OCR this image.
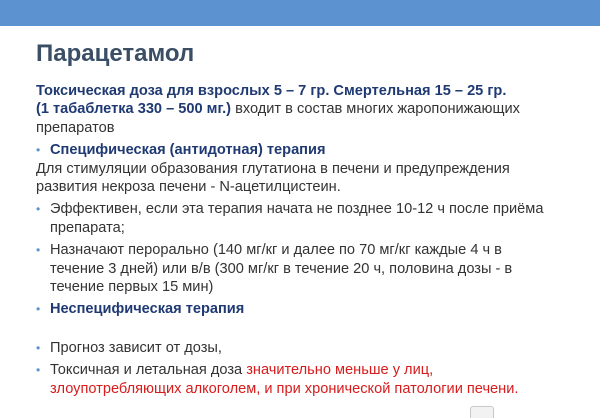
Парацетамол
Токсическая доза для взрослых 5 – 7 гр. Смертельная 15 – 25 гр.
(1 табаблетка 330 – 500 мг.) входит в состав многих жаропонижающих
препаратов
• Специфическая (антидотная) терапия
Для стимуляции образования глутатиона в печени и предупреждения
развития некроза печени - N-ацетилцистеин.
• Эффективен, если эта терапия начата не позднее 10-12 ч после приёма
препарата;
• Назначают перорально (140 мг/кг и далее по 70 мг/кг каждые 4 ч в
течение 3 дней) или в/в (300 мг/кг в течение 20 ч, половина дозы - в
течение первых 15 мин)
• Неспецифическая терапия
• Прогноз зависит от дозы,
• Токсичная и летальная доза значительно меньше у лиц,
злоупотребляющих алкоголем, и при хронической патологии печени.
